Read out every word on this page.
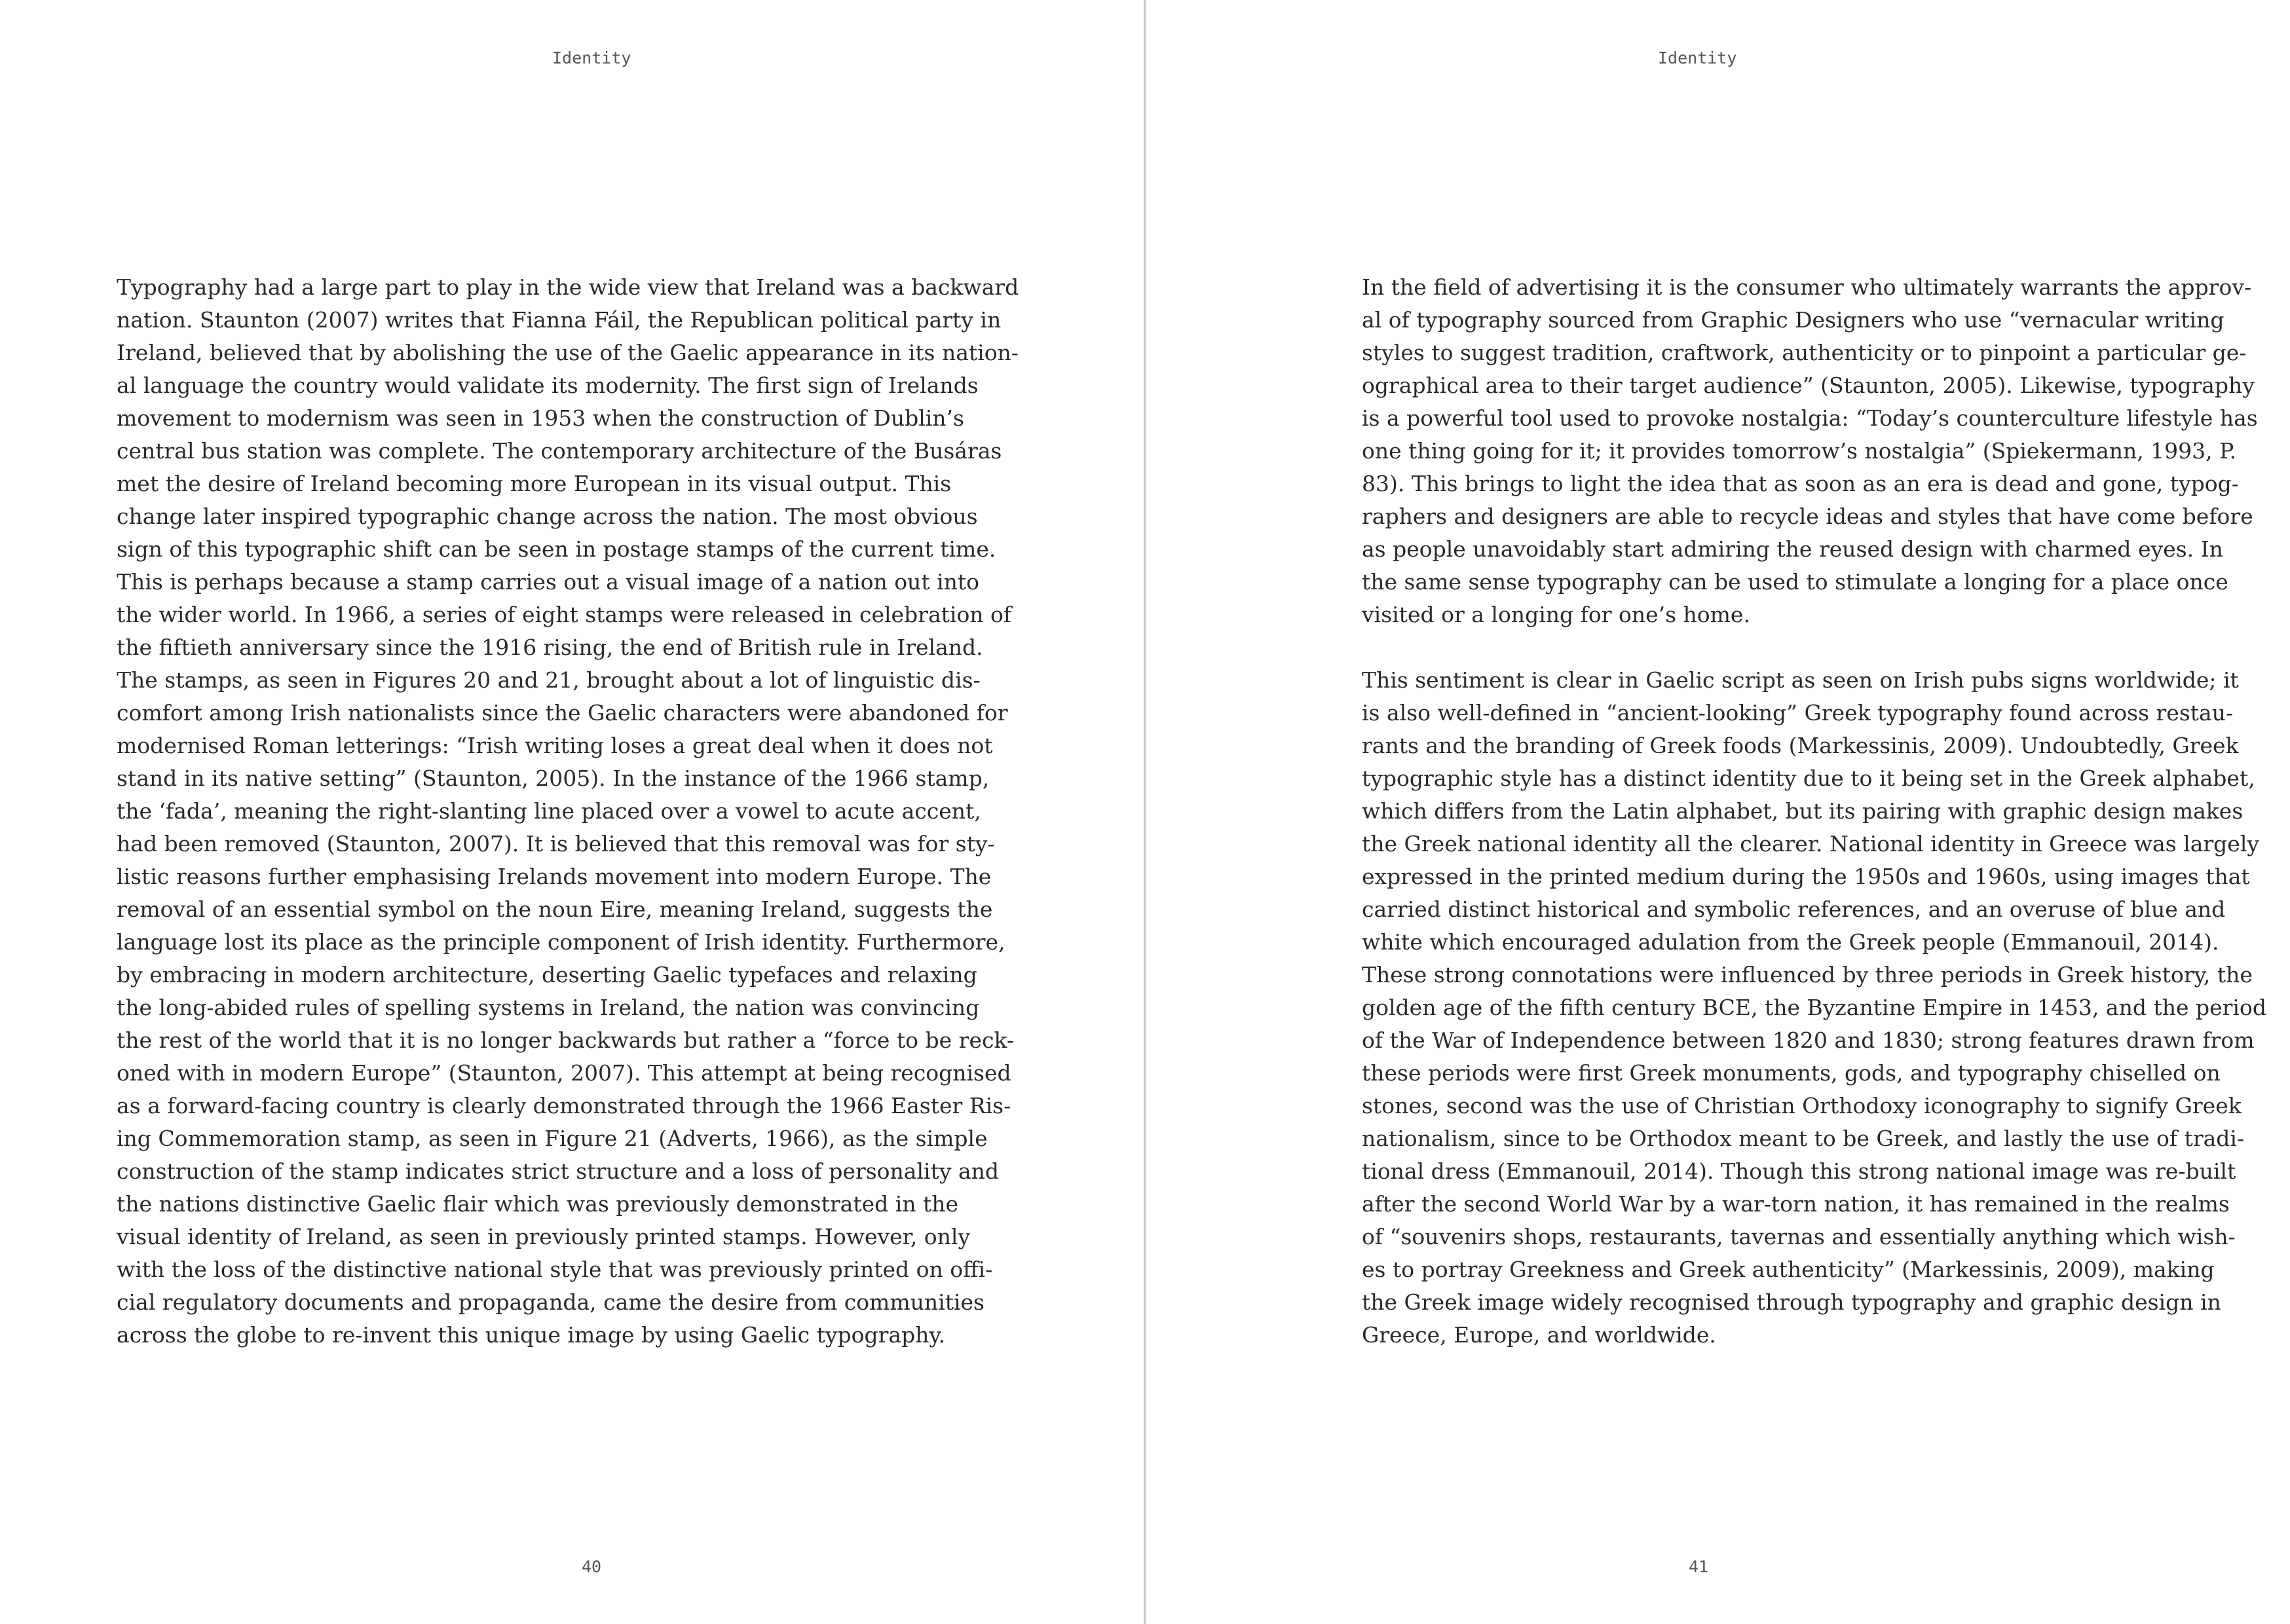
Identity
Typography had a large part to play in the wide view that Ireland was a backward
nation. Staunton (2007) writes that Fianna Fáil, the Republican political party in
Ireland, believed that by abolishing the use of the Gaelic appearance in its nation-
al language the country would validate its modernity. The first sign of Irelands
movement to modernism was seen in 1953 when the construction of Dublin’s
central bus station was complete. The contemporary architecture of the Busáras
met the desire of Ireland becoming more European in its visual output. This
change later inspired typographic change across the nation. The most obvious
sign of this typographic shift can be seen in postage stamps of the current time.
This is perhaps because a stamp carries out a visual image of a nation out into
the wider world. In 1966, a series of eight stamps were released in celebration of
the fiftieth anniversary since the 1916 rising, the end of British rule in Ireland.
The stamps, as seen in Figures 20 and 21, brought about a lot of linguistic dis-
comfort among Irish nationalists since the Gaelic characters were abandoned for
modernised Roman letterings: “Irish writing loses a great deal when it does not
stand in its native setting” (Staunton, 2005). In the instance of the 1966 stamp,
the ‘fada’, meaning the right-slanting line placed over a vowel to acute accent,
had been removed (Staunton, 2007). It is believed that this removal was for sty-
listic reasons further emphasising Irelands movement into modern Europe. The
removal of an essential symbol on the noun Eire, meaning Ireland, suggests the
language lost its place as the principle component of Irish identity. Furthermore,
by embracing in modern architecture, deserting Gaelic typefaces and relaxing
the long-abided rules of spelling systems in Ireland, the nation was convincing
the rest of the world that it is no longer backwards but rather a “force to be reck-
oned with in modern Europe” (Staunton, 2007). This attempt at being recognised
as a forward-facing country is clearly demonstrated through the 1966 Easter Ris-
ing Commemoration stamp, as seen in Figure 21 (Adverts, 1966), as the simple
construction of the stamp indicates strict structure and a loss of personality and
the nations distinctive Gaelic flair which was previously demonstrated in the
visual identity of Ireland, as seen in previously printed stamps. However, only
with the loss of the distinctive national style that was previously printed on offi-
cial regulatory documents and propaganda, came the desire from communities
across the globe to re-invent this unique image by using Gaelic typography.
40
Identity
In the field of advertising it is the consumer who ultimately warrants the approv-
al of typography sourced from Graphic Designers who use “vernacular writing
styles to suggest tradition, craftwork, authenticity or to pinpoint a particular ge-
ographical area to their target audience” (Staunton, 2005). Likewise, typography
is a powerful tool used to provoke nostalgia: “Today’s counterculture lifestyle has
one thing going for it; it provides tomorrow’s nostalgia” (Spiekermann, 1993, P.
83). This brings to light the idea that as soon as an era is dead and gone, typog-
raphers and designers are able to recycle ideas and styles that have come before
as people unavoidably start admiring the reused design with charmed eyes. In
the same sense typography can be used to stimulate a longing for a place once
visited or a longing for one’s home.
This sentiment is clear in Gaelic script as seen on Irish pubs signs worldwide; it
is also well-defined in “ancient-looking” Greek typography found across restau-
rants and the branding of Greek foods (Markessinis, 2009). Undoubtedly, Greek
typographic style has a distinct identity due to it being set in the Greek alphabet,
which differs from the Latin alphabet, but its pairing with graphic design makes
the Greek national identity all the clearer. National identity in Greece was largely
expressed in the printed medium during the 1950s and 1960s, using images that
carried distinct historical and symbolic references, and an overuse of blue and
white which encouraged adulation from the Greek people (Emmanouil, 2014).
These strong connotations were influenced by three periods in Greek history, the
golden age of the fifth century BCE, the Byzantine Empire in 1453, and the period
of the War of Independence between 1820 and 1830; strong features drawn from
these periods were first Greek monuments, gods, and typography chiselled on
stones, second was the use of Christian Orthodoxy iconography to signify Greek
nationalism, since to be Orthodox meant to be Greek, and lastly the use of tradi-
tional dress (Emmanouil, 2014). Though this strong national image was re-built
after the second World War by a war-torn nation, it has remained in the realms
of “souvenirs shops, restaurants, tavernas and essentially anything which wish-
es to portray Greekness and Greek authenticity” (Markessinis, 2009), making
the Greek image widely recognised through typography and graphic design in
Greece, Europe, and worldwide.
41
